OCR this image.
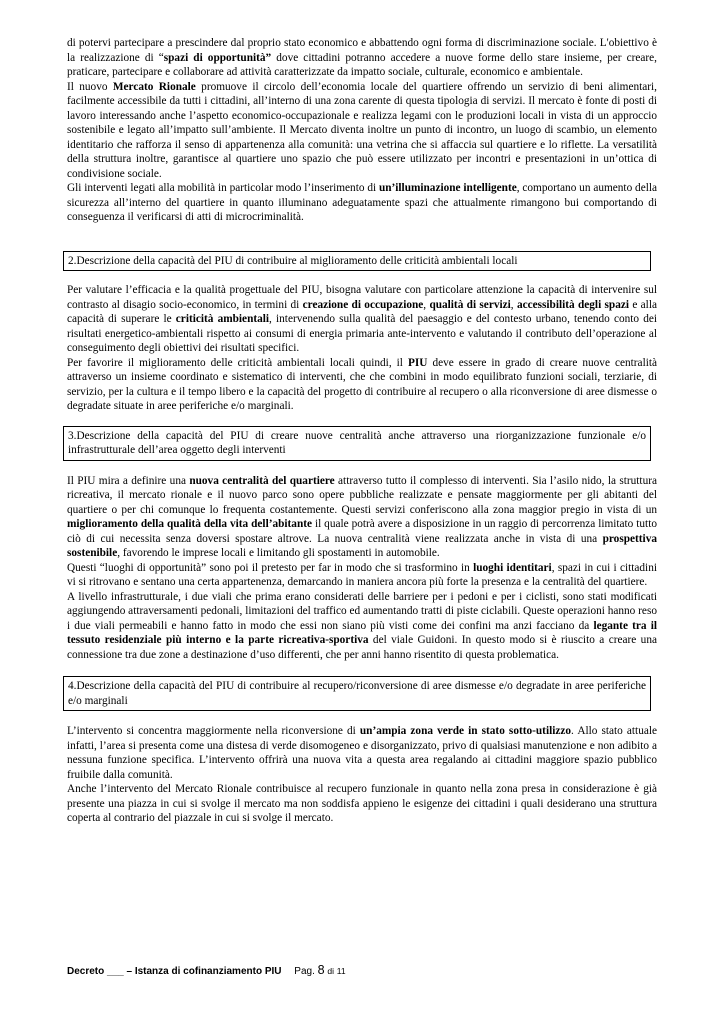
di potervi partecipare a prescindere dal proprio stato economico e abbattendo ogni forma di discriminazione sociale. L'obiettivo è la realizzazione di “spazi di opportunità” dove cittadini potranno accedere a nuove forme dello stare insieme, per creare, praticare, partecipare e collaborare ad attività caratterizzate da impatto sociale, culturale, economico e ambientale.

Il nuovo Mercato Rionale promuove il circolo dell’economia locale del quartiere offrendo un servizio di beni alimentari, facilmente accessibile da tutti i cittadini, all’interno di una zona carente di questa tipologia di servizi. Il mercato è fonte di posti di lavoro interessando anche l’aspetto economico-occupazionale e realizza legami con le produzioni locali in vista di un approccio sostenibile e legato all’impatto sull’ambiente. Il Mercato diventa inoltre un punto di incontro, un luogo di scambio, un elemento identitario che rafforza il senso di appartenenza alla comunità: una vetrina che si affaccia sul quartiere e lo riflette. La versatilità della struttura inoltre, garantisce al quartiere uno spazio che può essere utilizzato per incontri e presentazioni in un’ottica di condivisione sociale.

Gli interventi legati alla mobilità in particolar modo l’inserimento di un’illuminazione intelligente, comportano un aumento della sicurezza all’interno del quartiere in quanto illuminano adeguatamente spazi che attualmente rimangono bui comportando di conseguenza il verificarsi di atti di microcriminalità.

2.Descrizione della capacità del PIU di contribuire al miglioramento delle criticità ambientali locali

Per valutare l’efficacia e la qualità progettuale del PIU, bisogna valutare con particolare attenzione la capacità di intervenire sul contrasto al disagio socio-economico, in termini di creazione di occupazione, qualità di servizi, accessibilità degli spazi e alla capacità di superare le criticità ambientali, intervenendo sulla qualità del paesaggio e del contesto urbano, tenendo conto dei risultati energetico-ambientali rispetto ai consumi di energia primaria ante-intervento e valutando il contributo dell’operazione al conseguimento degli obiettivi dei risultati specifici.

Per favorire il miglioramento delle criticità ambientali locali quindi, il PIU deve essere in grado di creare nuove centralità attraverso un insieme coordinato e sistematico di interventi, che che combini in modo equilibrato funzioni sociali, terziarie, di servizio, per la cultura e il tempo libero e la capacità del progetto di contribuire al recupero o alla riconversione di aree dismesse o degradate situate in aree periferiche e/o marginali.

3.Descrizione della capacità del PIU di creare nuove centralità anche attraverso una riorganizzazione funzionale e/o infrastrutturale dell’area oggetto degli interventi

Il PIU mira a definire una nuova centralità del quartiere attraverso tutto il complesso di interventi. Sia l’asilo nido, la struttura ricreativa, il mercato rionale e il nuovo parco sono opere pubbliche realizzate e pensate maggiormente per gli abitanti del quartiere o per chi comunque lo frequenta costantemente. Questi servizi conferiscono alla zona maggior pregio in vista di un miglioramento della qualità della vita dell’abitante il quale potrà avere a disposizione in un raggio di percorrenza limitato tutto ciò di cui necessita senza doversi spostare altrove. La nuova centralità viene realizzata anche in vista di una prospettiva sostenibile, favorendo le imprese locali e limitando gli spostamenti in automobile.

Questi “luoghi di opportunità” sono poi il pretesto per far in modo che si trasformino in luoghi identitari, spazi in cui i cittadini vi si ritrovano e sentano una certa appartenenza, demarcando in maniera ancora più forte la presenza e la centralità del quartiere.

A livello infrastrutturale, i due viali che prima erano considerati delle barriere per i pedoni e per i ciclisti, sono stati modificati aggiungendo attraversamenti pedonali, limitazioni del traffico ed aumentando tratti di piste ciclabili. Queste operazioni hanno reso i due viali permeabili e hanno fatto in modo che essi non siano più visti come dei confini ma anzi facciano da legante tra il tessuto residenziale più interno e la parte ricreativa-sportiva del viale Guidoni. In questo modo si è riuscito a creare una connessione tra due zone a destinazione d’uso differenti, che per anni hanno risentito di questa problematica.

4.Descrizione della capacità del PIU di contribuire al recupero/riconversione di aree dismesse e/o degradate in aree periferiche e/o marginali

L’intervento si concentra maggiormente nella riconversione di un’ampia zona verde in stato sotto-utilizzo. Allo stato attuale infatti, l’area si presenta come una distesa di verde disomogeneo e disorganizzato, privo di qualsiasi manutenzione e non adibito a nessuna funzione specifica. L’intervento offrirà una nuova vita a questa area regalando ai cittadini maggiore spazio pubblico fruibile dalla comunità.

Anche l’intervento del Mercato Rionale contribuisce al recupero funzionale in quanto nella zona presa in considerazione è già presente una piazza in cui si svolge il mercato ma non soddisfa appieno le esigenze dei cittadini i quali desiderano una struttura coperta al contrario del piazzale in cui si svolge il mercato.

Decreto ___ – Istanza di cofinanziamento PIU Pag. 8 di 11
